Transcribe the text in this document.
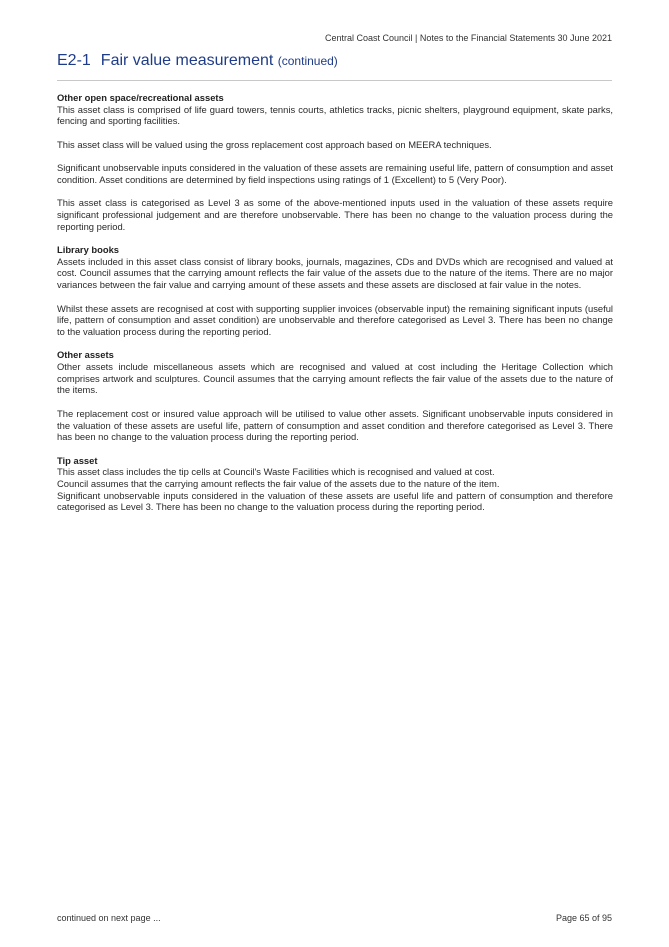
Central Coast Council | Notes to the Financial Statements 30 June 2021
E2-1 Fair value measurement (continued)

Other open space/recreational assets

This asset class is comprised of life guard towers, tennis courts, athletics tracks, picnic shelters, playground equipment, skate parks, fencing and sporting facilities.

This asset class will be valued using the gross replacement cost approach based on MEERA techniques.

Significant unobservable inputs considered in the valuation of these assets are remaining useful life, pattern of consumption and asset condition. Asset conditions are determined by field inspections using ratings of 1 (Excellent) to 5 (Very Poor).

This asset class is categorised as Level 3 as some of the above-mentioned inputs used in the valuation of these assets require significant professional judgement and are therefore unobservable. There has been no change to the valuation process during the reporting period.

Library books

Assets included in this asset class consist of library books, journals, magazines, CDs and DVDs which are recognised and valued at cost. Council assumes that the carrying amount reflects the fair value of the assets due to the nature of the items. There are no major variances between the fair value and carrying amount of these assets and these assets are disclosed at fair value in the notes.

Whilst these assets are recognised at cost with supporting supplier invoices (observable input) the remaining significant inputs (useful life, pattern of consumption and asset condition) are unobservable and therefore categorised as Level 3. There has been no change to the valuation process during the reporting period.

Other assets

Other assets include miscellaneous assets which are recognised and valued at cost including the Heritage Collection which comprises artwork and sculptures. Council assumes that the carrying amount reflects the fair value of the assets due to the nature of the items.

The replacement cost or insured value approach will be utilised to value other assets. Significant unobservable inputs considered in the valuation of these assets are useful life, pattern of consumption and asset condition and therefore categorised as Level 3. There has been no change to the valuation process during the reporting period.

Tip asset

This asset class includes the tip cells at Council's Waste Facilities which is recognised and valued at cost.

Council assumes that the carrying amount reflects the fair value of the assets due to the nature of the item.

Significant unobservable inputs considered in the valuation of these assets are useful life and pattern of consumption and therefore categorised as Level 3. There has been no change to the valuation process during the reporting period.

continued on next page ...	Page 65 of 95
